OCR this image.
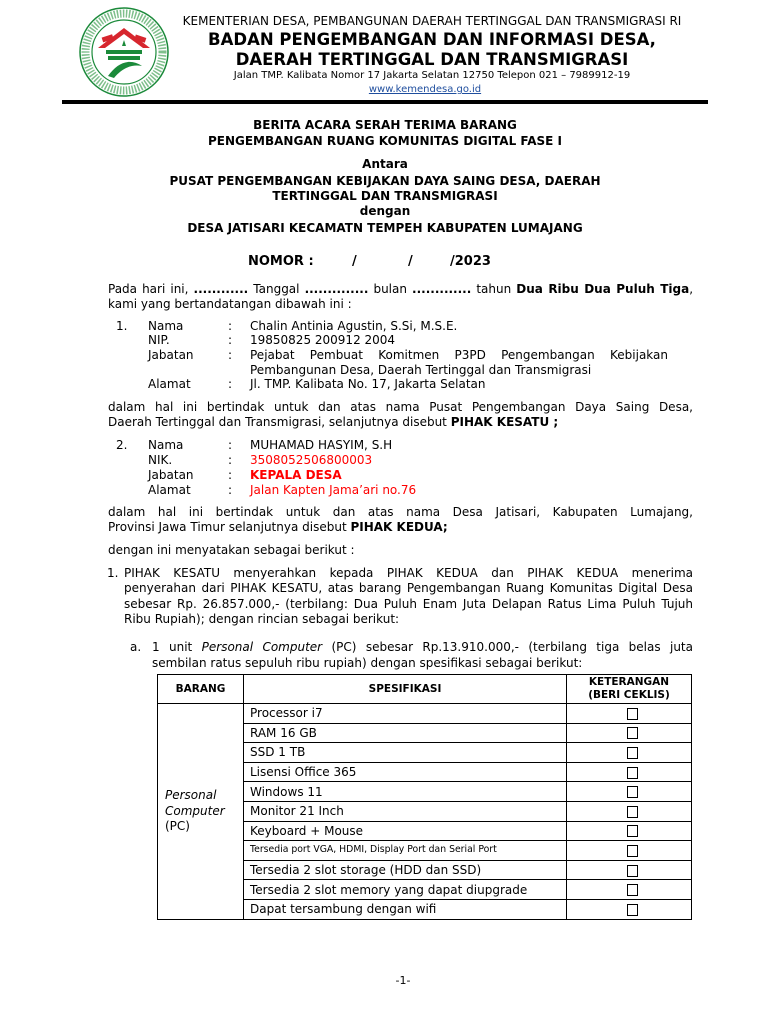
KEMENTERIAN DESA, PEMBANGUNAN DAERAH TERTINGGAL DAN TRANSMIGRASI RI
BADAN PENGEMBANGAN DAN INFORMASI DESA,
DAERAH TERTINGGAL DAN TRANSMIGRASI
Jalan TMP. Kalibata Nomor 17 Jakarta Selatan 12750 Telepon 021 – 7989912-19
www.kemendesa.go.id
BERITA ACARA SERAH TERIMA BARANG
PENGEMBANGAN RUANG KOMUNITAS DIGITAL FASE I
Antara
PUSAT PENGEMBANGAN KEBIJAKAN DAYA SAING DESA, DAERAH
TERTINGGAL DAN TRANSMIGRASI
dengan
DESA JATISARI KECAMATN TEMPEH KABUPATEN LUMAJANG
NOMOR :	/	/	/2023
Pada hari ini, ............ Tanggal .............. bulan ............. tahun Dua Ribu Dua Puluh Tiga,
kami yang bertandatangan dibawah ini :
1. Nama	: Chalin Antinia Agustin, S.Si, M.S.E.
NIP.	: 19850825 200912 2004
Jabatan	: Pejabat Pembuat Komitmen P3PD Pengembangan Kebijakan
Pembangunan Desa, Daerah Tertinggal dan Transmigrasi
Alamat	: Jl. TMP. Kalibata No. 17, Jakarta Selatan
dalam hal ini bertindak untuk dan atas nama Pusat Pengembangan Daya Saing Desa,
Daerah Tertinggal dan Transmigrasi, selanjutnya disebut PIHAK KESATU ;
2. Nama	: MUHAMAD HASYIM, S.H
NIK.	: 3508052506800003
Jabatan	: KEPALA DESA
Alamat	: Jalan Kapten Jama’ari no.76
dalam hal ini bertindak untuk dan atas nama Desa Jatisari, Kabupaten Lumajang,
Provinsi Jawa Timur selanjutnya disebut PIHAK KEDUA;
dengan ini menyatakan sebagai berikut :
1. PIHAK KESATU menyerahkan kepada PIHAK KEDUA dan PIHAK KEDUA menerima
penyerahan dari PIHAK KESATU, atas barang Pengembangan Ruang Komunitas Digital Desa
sebesar Rp. 26.857.000,- (terbilang: Dua Puluh Enam Juta Delapan Ratus Lima Puluh Tujuh
Ribu Rupiah); dengan rincian sebagai berikut:
a. 1 unit Personal Computer (PC) sebesar Rp.13.910.000,- (terbilang tiga belas juta
sembilan ratus sepuluh ribu rupiah) dengan spesifikasi sebagai berikut:
BARANG	SPESIFIKASI	KETERANGAN
(BERI CEKLIS)

Personal
Computer
(PC)	Processor i7	
	RAM 16 GB	
	SSD 1 TB	
	Lisensi Office 365	
	Windows 11	
	Monitor 21 Inch	
	Keyboard + Mouse	
	Tersedia port VGA, HDMI, Display Port dan Serial Port	
	Tersedia 2 slot storage (HDD dan SSD)	
	Tersedia 2 slot memory yang dapat diupgrade	
	Dapat tersambung dengan wifi	
-1-
